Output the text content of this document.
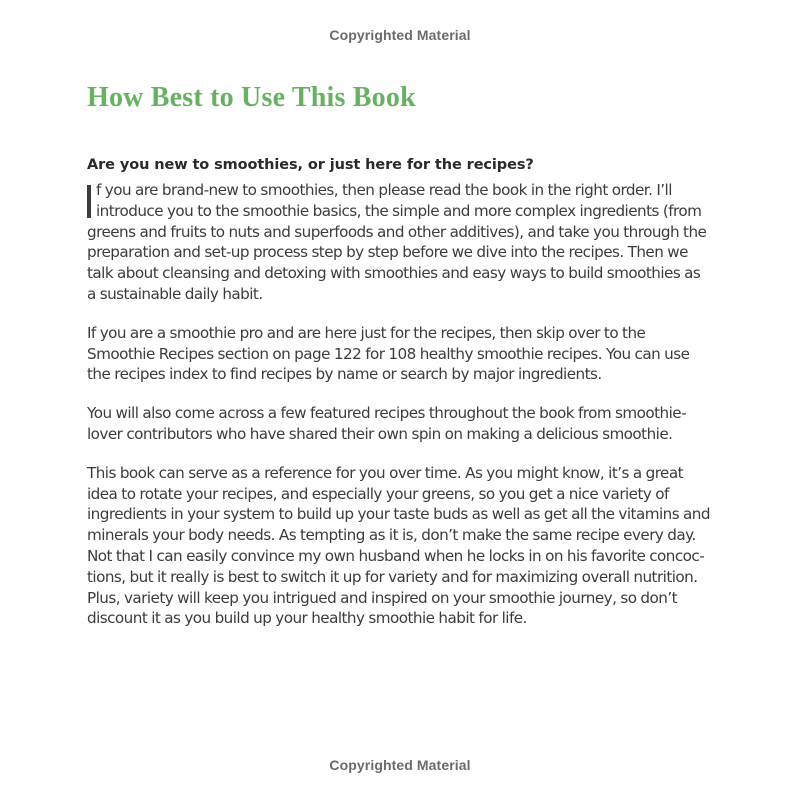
Copyrighted Material
How Best to Use This Book
Are you new to smoothies, or just here for the recipes?
f you are brand-new to smoothies, then please read the book in the right order. I’ll
introduce you to the smoothie basics, the simple and more complex ingredients (from
greens and fruits to nuts and superfoods and other additives), and take you through the
preparation and set-up process step by step before we dive into the recipes. Then we
talk about cleansing and detoxing with smoothies and easy ways to build smoothies as
a sustainable daily habit.
If you are a smoothie pro and are here just for the recipes, then skip over to the
Smoothie Recipes section on page 122 for 108 healthy smoothie recipes. You can use
the recipes index to find recipes by name or search by major ingredients.
You will also come across a few featured recipes throughout the book from smoothie-
lover contributors who have shared their own spin on making a delicious smoothie.
This book can serve as a reference for you over time. As you might know, it’s a great
idea to rotate your recipes, and especially your greens, so you get a nice variety of
ingredients in your system to build up your taste buds as well as get all the vitamins and
minerals your body needs. As tempting as it is, don’t make the same recipe every day.
Not that I can easily convince my own husband when he locks in on his favorite concoc-
tions, but it really is best to switch it up for variety and for maximizing overall nutrition.
Plus, variety will keep you intrigued and inspired on your smoothie journey, so don’t
discount it as you build up your healthy smoothie habit for life.
Copyrighted Material
